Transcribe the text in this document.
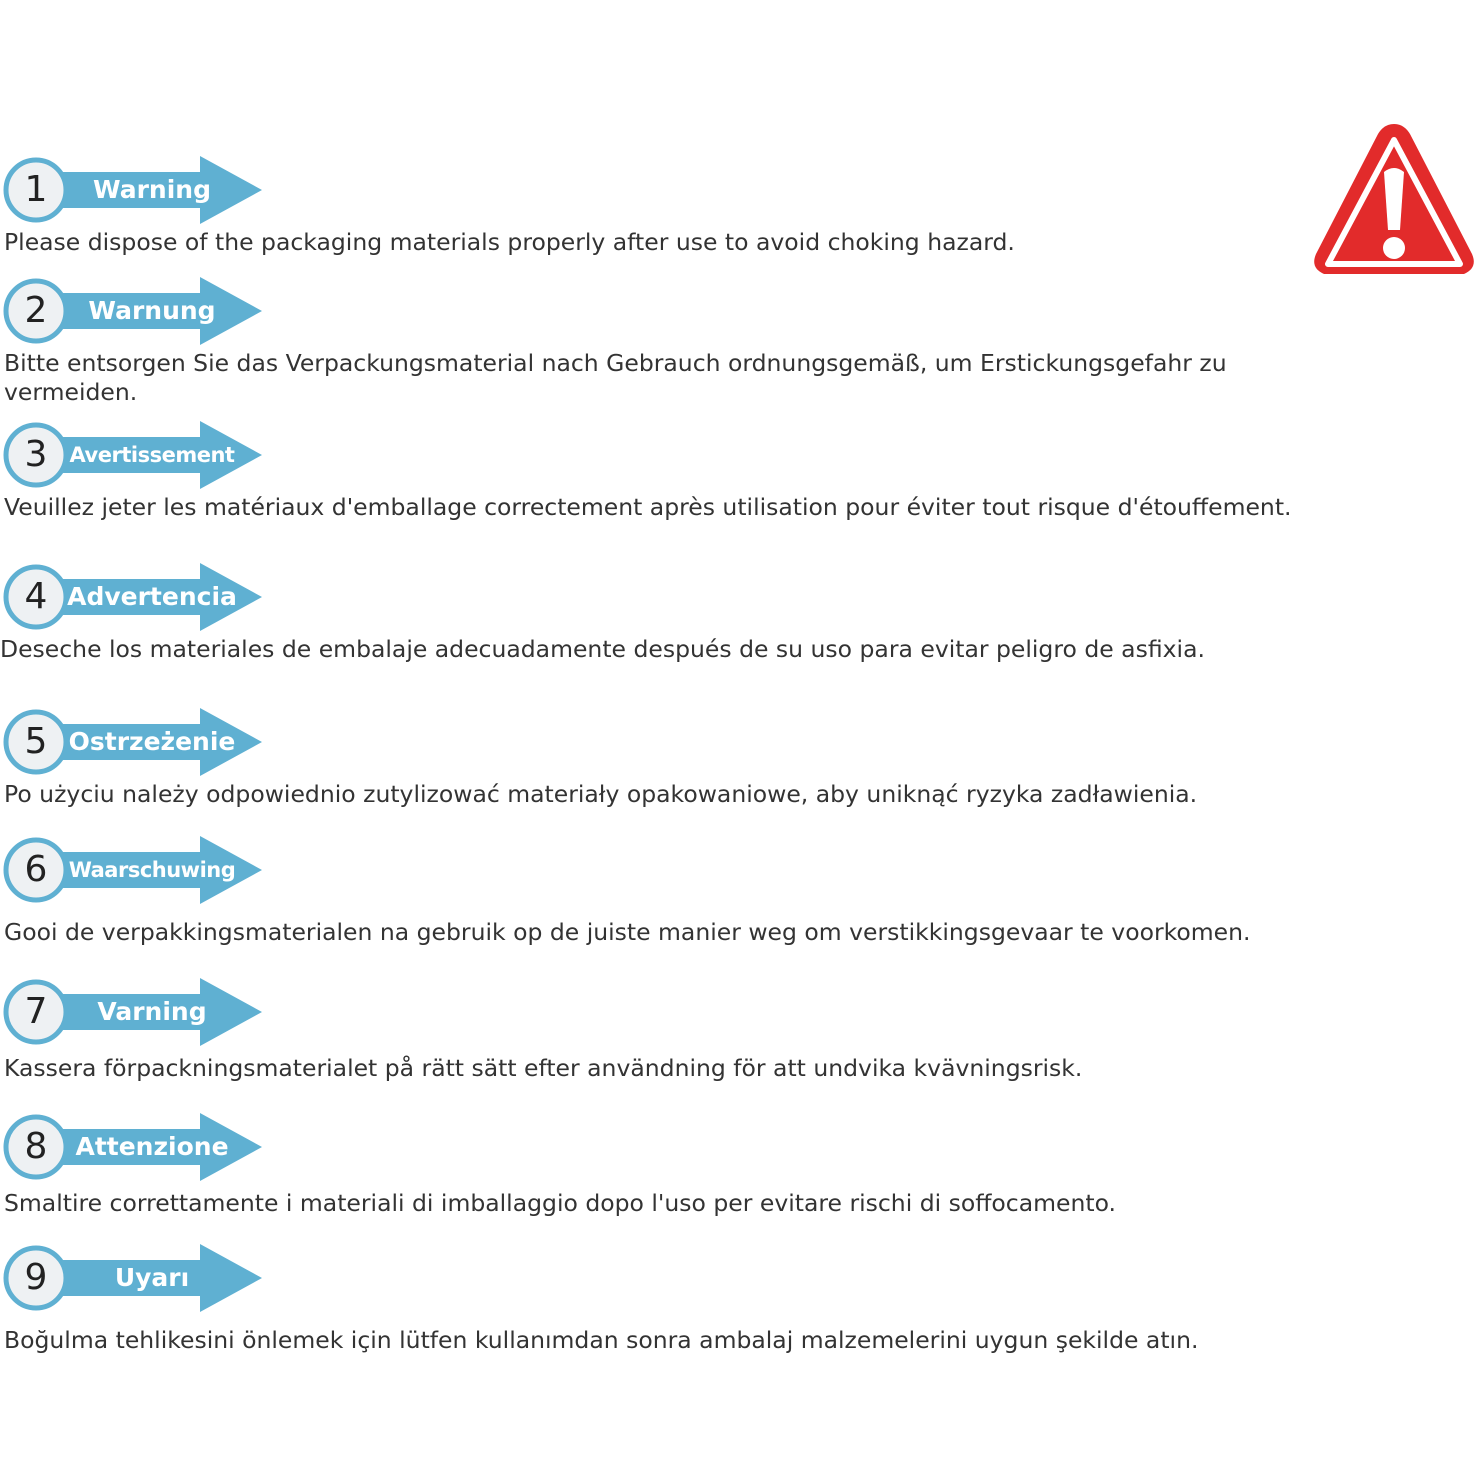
1	Warning
Please dispose of the packaging materials properly after use to avoid choking hazard.
2	Warnung
Bitte entsorgen Sie das Verpackungsmaterial nach Gebrauch ordnungsgemäß, um Erstickungsgefahr zu vermeiden.
3	Avertissement
Veuillez jeter les matériaux d'emballage correctement après utilisation pour éviter tout risque d'étouffement.
4 Advertencia
Deseche los materiales de embalaje adecuadamente después de su uso para evitar peligro de asfixia.
5 Ostrzeżenie
Po użyciu należy odpowiednio zutylizować materiały opakowaniowe, aby uniknąć ryzyka zadławienia.
6	Waarschuwing
Gooi de verpakkingsmaterialen na gebruik op de juiste manier weg om verstikkingsgevaar te voorkomen.
7	Varning
Kassera förpackningsmaterialet på rätt sätt efter användning för att undvika kvävningsrisk.
8	Attenzione
Smaltire correttamente i materiali di imballaggio dopo l'uso per evitare rischi di soffocamento.
9	Uyarı
Boğulma tehlikesini önlemek için lütfen kullanımdan sonra ambalaj malzemelerini uygun şekilde atın.
